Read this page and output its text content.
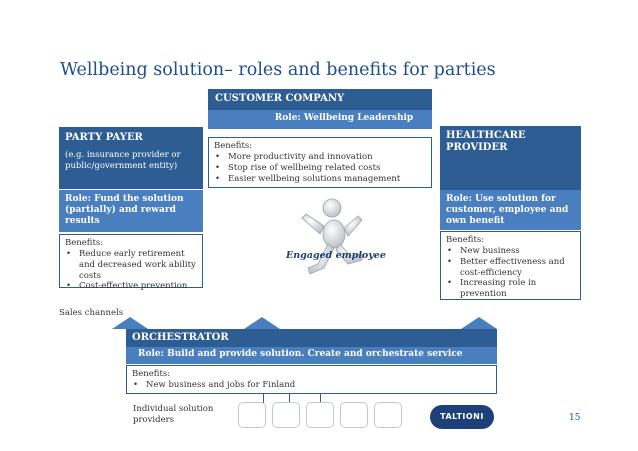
Wellbeing solution– roles and benefits for parties
CUSTOMER COMPANY
Role: Wellbeing Leadership
Benefits:
• More productivity and innovation
• Stop rise of wellbeing related costs
• Easier wellbeing solutions management
PARTY PAYER
(e.g. insurance provider or
public/government entity)
Role: Fund the solution
(partially) and reward
results
Benefits:
• Reduce early retirement and decreased work ability costs
• Cost-effective prevention
HEALTHCARE
PROVIDER
Role: Use solution for
customer, employee and
own benefit
Benefits:
• New business
• Better effectiveness and cost-efficiency
• Increasing role in prevention
Engaged employee
Sales channels
ORCHESTRATOR
Role: Build and provide solution. Create and orchestrate service
Benefits:
• New business and jobs for Finland
Individual solution
providers	TALTIONI	15
